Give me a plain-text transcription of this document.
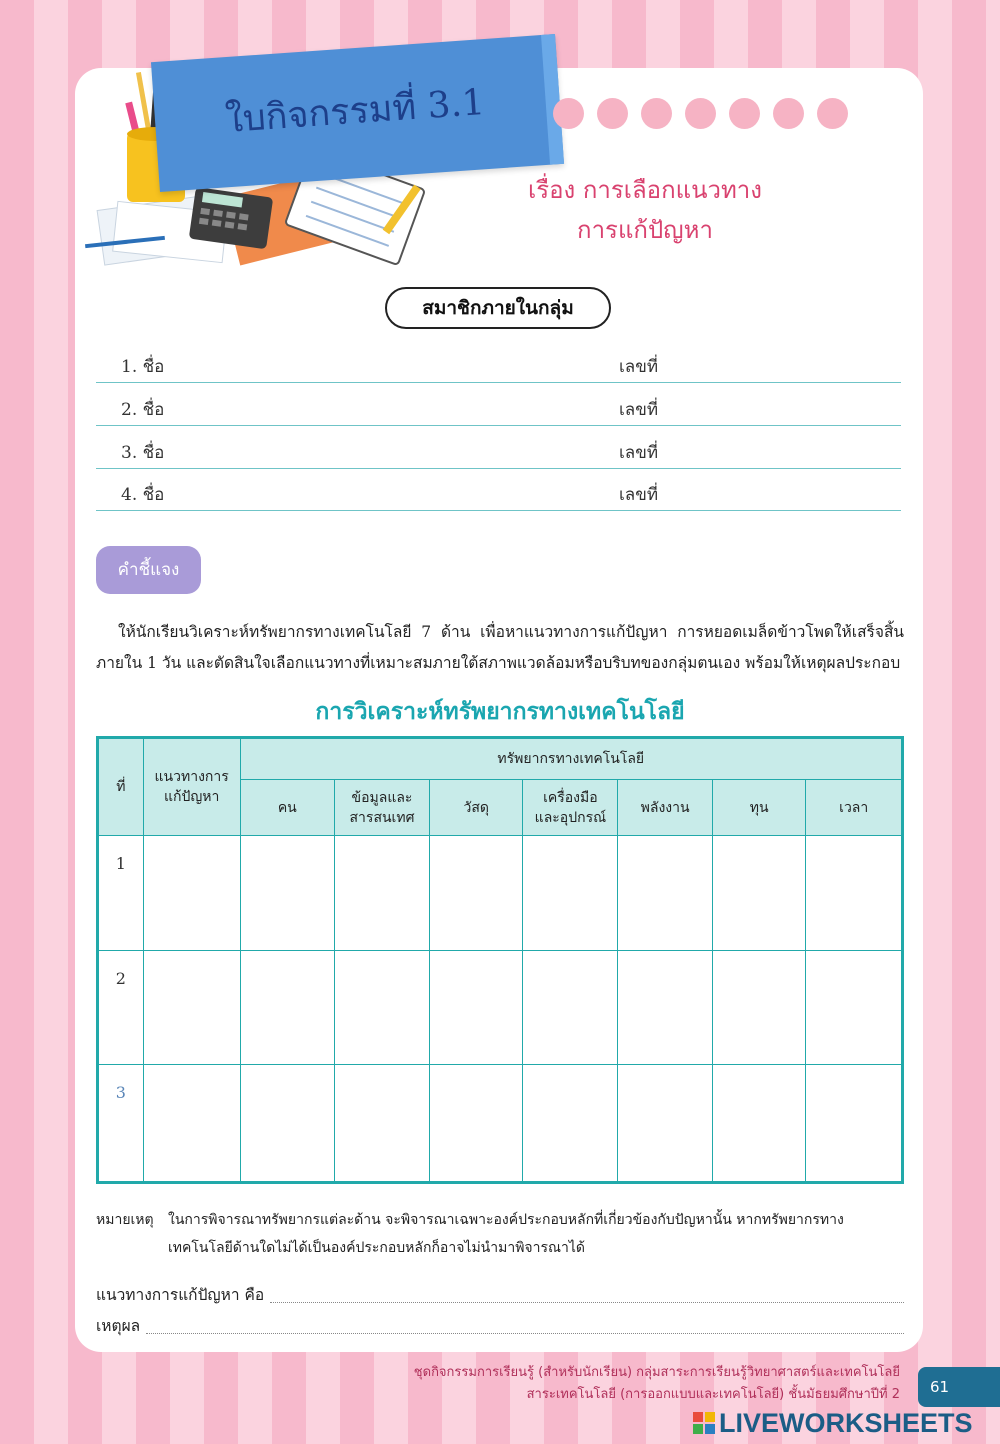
ใบกิจกรรมที่ 3.1
เรื่อง การเลือกแนวทาง
การแก้ปัญหา
สมาชิกภายในกลุ่ม
1. ชื่อ	เลขที่
2. ชื่อ	เลขที่
3. ชื่อ	เลขที่
4. ชื่อ	เลขที่
คำชี้แจง
ให้นักเรียนวิเคราะห์ทรัพยากรทางเทคโนโลยี 7 ด้าน เพื่อหาแนวทางการแก้ปัญหา การหยอดเมล็ดข้าวโพดให้เสร็จสิ้นภายใน 1 วัน และตัดสินใจเลือกแนวทางที่เหมาะสมภายใต้สภาพแวดล้อมหรือบริบทของกลุ่มตนเอง พร้อมให้เหตุผลประกอบ
การวิเคราะห์ทรัพยากรทางเทคโนโลยี
ที่	แนวทางการแก้ปัญหา	ทรัพยากรทางเทคโนโลยี						
		คน	ข้อมูลและสารสนเทศ	วัสดุ	เครื่องมือและอุปกรณ์	พลังงาน	ทุน	เวลา
1								
2								
3								
หมายเหตุ ในการพิจารณาทรัพยากรแต่ละด้าน จะพิจารณาเฉพาะองค์ประกอบหลักที่เกี่ยวข้องกับปัญหานั้น หากทรัพยากรทางเทคโนโลยีด้านใดไม่ได้เป็นองค์ประกอบหลักก็อาจไม่นำมาพิจารณาได้
แนวทางการแก้ปัญหา คือ
เหตุผล
ชุดกิจกรรมการเรียนรู้ (สำหรับนักเรียน) กลุ่มสาระการเรียนรู้วิทยาศาสตร์และเทคโนโลยี
สาระเทคโนโลยี (การออกแบบและเทคโนโลยี) ชั้นมัธยมศึกษาปีที่ 2	61
LIVEWORKSHEETS
